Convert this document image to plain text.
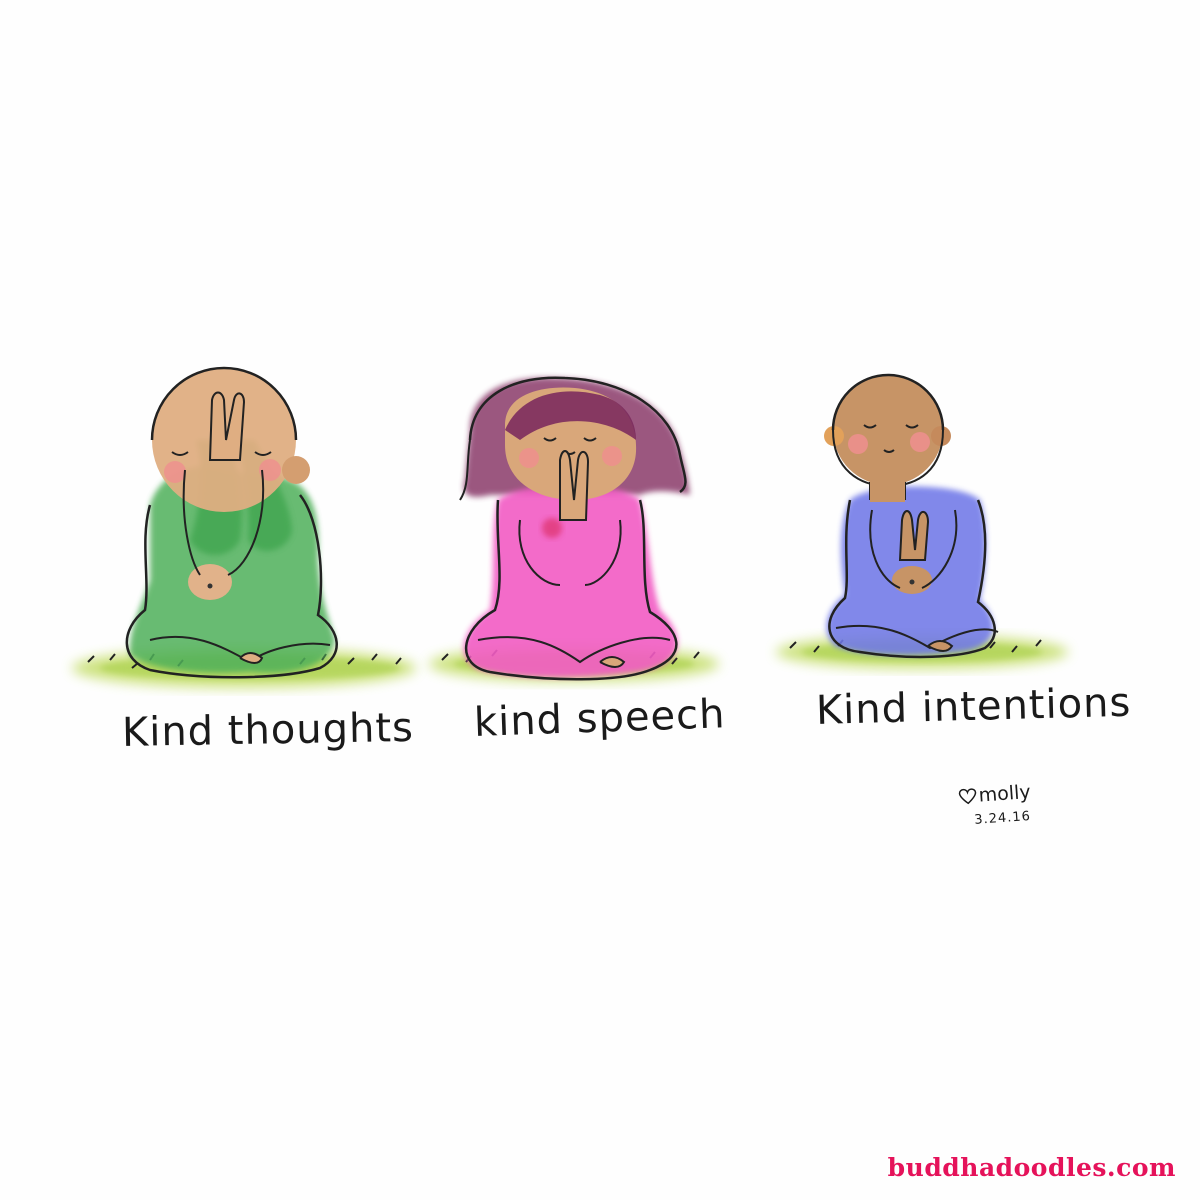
Kind thoughts kind speech Kind intentions
molly
3.24.16
buddhadoodles.com
